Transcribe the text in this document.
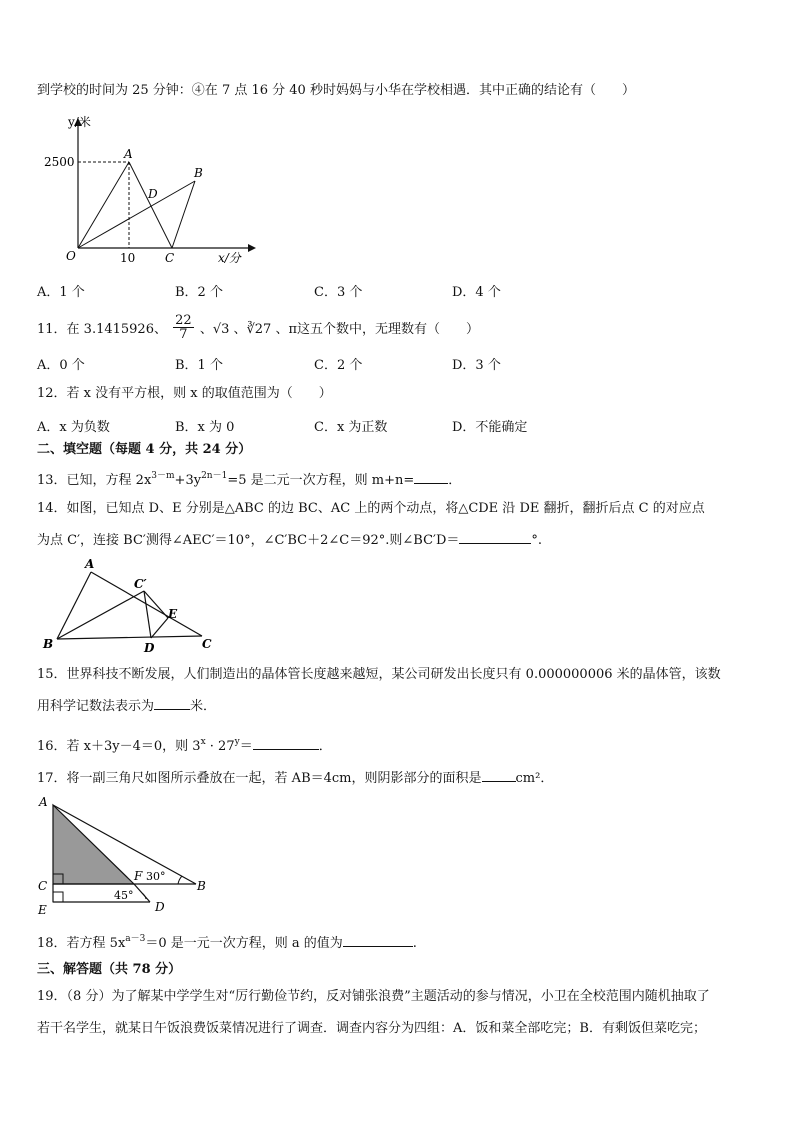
到学校的时间为 25 分钟：④在 7 点 16 分 40 秒时妈妈与小华在学校相遇．其中正确的结论有（　　）
y/米
x/分
2500
10
O
A
B
C
D
A．1 个	B．2 个	C．3 个	D．4 个
11．在 3.1415926、 $\frac{22}{7}$ 、√3 、∛27 、π这五个数中，无理数有（　　）
A．0 个	B．1 个	C．2 个	D．3 个
12．若 x 没有平方根，则 x 的取值范围为（　　）
A．x 为负数	B．x 为 0	C．x 为正数	D．不能确定
二、填空题（每题 4 分，共 24 分）
13．已知，方程 $2x^{3-m}+3y^{2n-1}=5$ 是二元一次方程，则 m+n=	．
14．如图，已知点 D、E 分别是△ABC 的边 BC、AC 上的两个动点，将△CDE 沿 DE 翻折，翻折后点 C 的对应点
为点 C′，连接 BC′测得∠AEC′＝10°，∠C′BC＋2∠C＝92°.则∠BC′D＝	°.
A
B	C
C′
D
E
15．世界科技不断发展，人们制造出的晶体管长度越来越短，某公司研发出长度只有 0.000000006 米的晶体管，该数
用科学记数法表示为	米．
16．若 x＋3y－4＝0，则 $3^x \cdot 27^y=$	．
17．将一副三角尺如图所示叠放在一起，若 AB＝4cm，则阴影部分的面积是	cm²．
A
C
E
B
D
F 30°
45°
18．若方程 $5x^{a-3}=0$ 是一元一次方程，则 a 的值为	.
三、解答题（共 78 分）
19．（8 分）为了解某中学学生对“厉行勤俭节约，反对铺张浪费”主题活动的参与情况，小卫在全校范围内随机抽取了
若干名学生，就某日午饭浪费饭菜情况进行了调查．调查内容分为四组：A．饭和菜全部吃完；B．有剩饭但菜吃完；
